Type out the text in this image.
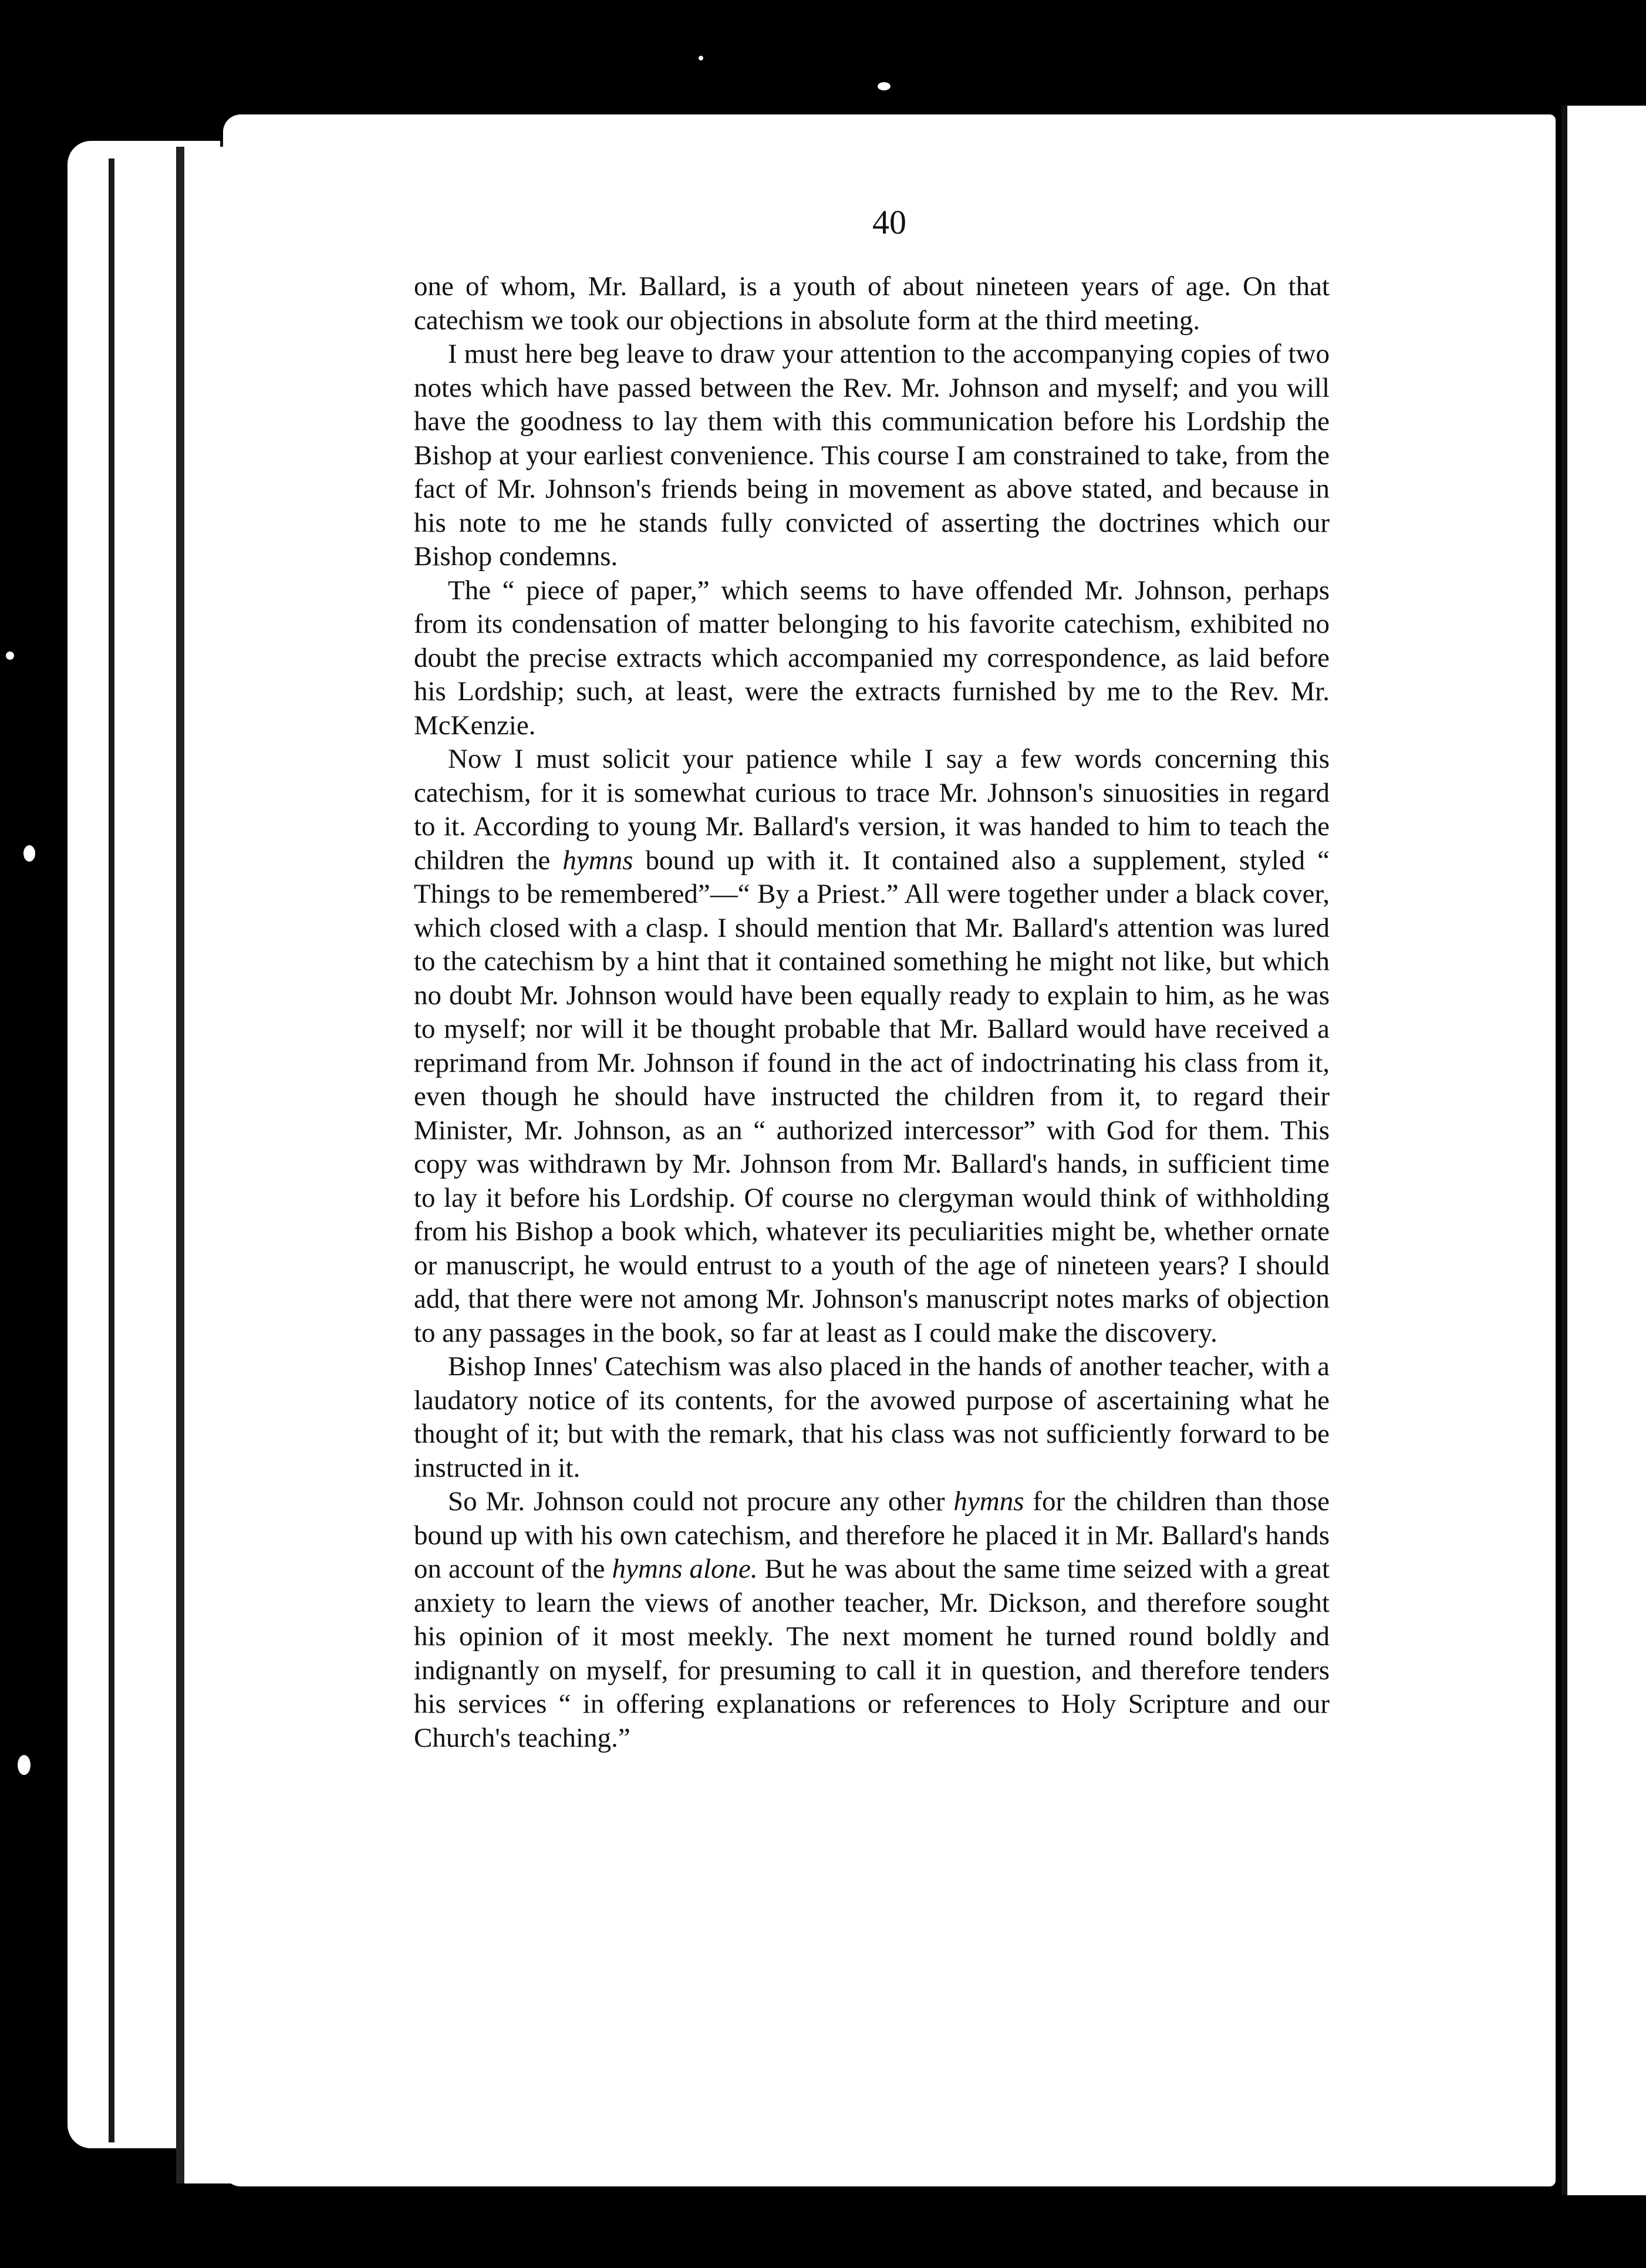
40

one of whom, Mr. Ballard, is a youth of about nineteen years of age. On that catechism we took our objections in absolute form at the third meeting.

I must here beg leave to draw your attention to the accompanying copies of two notes which have passed between the Rev. Mr. Johnson and myself; and you will have the goodness to lay them with this communication before his Lordship the Bishop at your earliest convenience. This course I am constrained to take, from the fact of Mr. Johnson's friends being in movement as above stated, and because in his note to me he stands fully convicted of asserting the doctrines which our Bishop condemns.

The “ piece of paper,” which seems to have offended Mr. Johnson, perhaps from its condensation of matter belonging to his favorite catechism, exhibited no doubt the precise extracts which accompanied my correspondence, as laid before his Lordship; such, at least, were the extracts furnished by me to the Rev. Mr. McKenzie.

Now I must solicit your patience while I say a few words concerning this catechism, for it is somewhat curious to trace Mr. Johnson's sinuosities in regard to it. According to young Mr. Ballard's version, it was handed to him to teach the children the hymns bound up with it. It contained also a supplement, styled “ Things to be remembered”—“ By a Priest.” All were together under a black cover, which closed with a clasp. I should mention that Mr. Ballard's attention was lured to the catechism by a hint that it contained something he might not like, but which no doubt Mr. Johnson would have been equally ready to explain to him, as he was to myself; nor will it be thought probable that Mr. Ballard would have received a reprimand from Mr. Johnson if found in the act of indoctrinating his class from it, even though he should have instructed the children from it, to regard their Minister, Mr. Johnson, as an “ authorized intercessor” with God for them. This copy was withdrawn by Mr. Johnson from Mr. Ballard's hands, in sufficient time to lay it before his Lordship. Of course no clergyman would think of withholding from his Bishop a book which, whatever its peculiarities might be, whether ornate or manuscript, he would entrust to a youth of the age of nineteen years? I should add, that there were not among Mr. Johnson's manuscript notes marks of objection to any passages in the book, so far at least as I could make the discovery.

Bishop Innes' Catechism was also placed in the hands of another teacher, with a laudatory notice of its contents, for the avowed purpose of ascertaining what he thought of it; but with the remark, that his class was not sufficiently forward to be instructed in it.

So Mr. Johnson could not procure any other hymns for the children than those bound up with his own catechism, and therefore he placed it in Mr. Ballard's hands on account of the hymns alone. But he was about the same time seized with a great anxiety to learn the views of another teacher, Mr. Dickson, and therefore sought his opinion of it most meekly. The next moment he turned round boldly and indignantly on myself, for presuming to call it in question, and therefore tenders his services “ in offering explanations or references to Holy Scripture and our Church's teaching.”
